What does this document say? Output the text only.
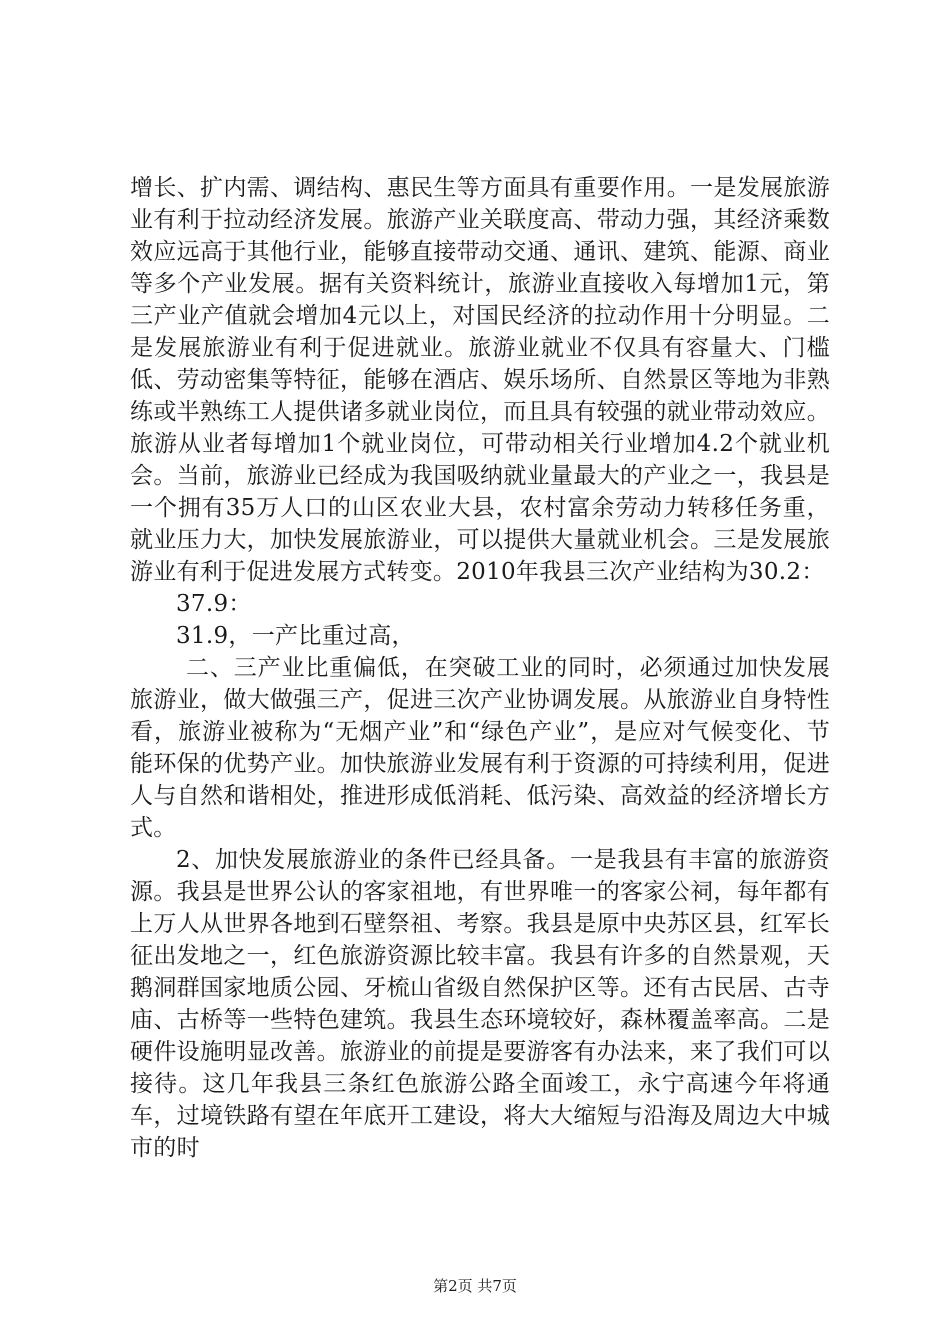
增长、扩内需、调结构、惠民生等方面具有重要作用。一是发展旅游业有利于拉动经济发展。旅游产业关联度高、带动力强，其经济乘数效应远高于其他行业，能够直接带动交通、通讯、建筑、能源、商业等多个产业发展。据有关资料统计，旅游业直接收入每增加1元，第三产业产值就会增加4元以上，对国民经济的拉动作用十分明显。二是发展旅游业有利于促进就业。旅游业就业不仅具有容量大、门槛低、劳动密集等特征，能够在酒店、娱乐场所、自然景区等地为非熟练或半熟练工人提供诸多就业岗位，而且具有较强的就业带动效应。旅游从业者每增加1个就业岗位，可带动相关行业增加4.2个就业机会。当前，旅游业已经成为我国吸纳就业量最大的产业之一，我县是一个拥有35万人口的山区农业大县，农村富余劳动力转移任务重，就业压力大，加快发展旅游业，可以提供大量就业机会。三是发展旅游业有利于促进发展方式转变。2010年我县三次产业结构为30.2：

37.9：

31.9，一产比重过高，

二、三产业比重偏低，在突破工业的同时，必须通过加快发展旅游业，做大做强三产，促进三次产业协调发展。从旅游业自身特性看，旅游业被称为“无烟产业”和“绿色产业”，是应对气候变化、节能环保的优势产业。加快旅游业发展有利于资源的可持续利用，促进人与自然和谐相处，推进形成低消耗、低污染、高效益的经济增长方式。

2、加快发展旅游业的条件已经具备。一是我县有丰富的旅游资源。我县是世界公认的客家祖地，有世界唯一的客家公祠，每年都有上万人从世界各地到石壁祭祖、考察。我县是原中央苏区县，红军长征出发地之一，红色旅游资源比较丰富。我县有许多的自然景观，天鹅洞群国家地质公园、牙梳山省级自然保护区等。还有古民居、古寺庙、古桥等一些特色建筑。我县生态环境较好，森林覆盖率高。二是硬件设施明显改善。旅游业的前提是要游客有办法来，来了我们可以接待。这几年我县三条红色旅游公路全面竣工，永宁高速今年将通车，过境铁路有望在年底开工建设，将大大缩短与沿海及周边大中城市的时

第2页 共7页
